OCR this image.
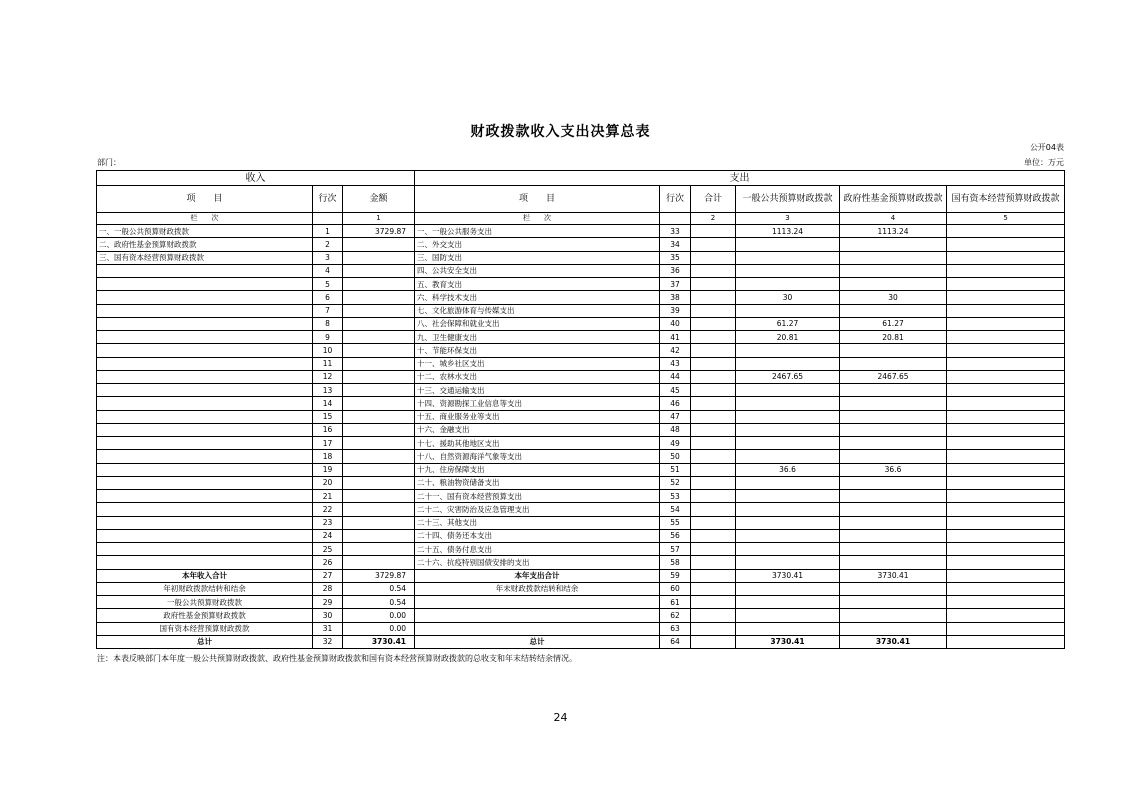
财政拨款收入支出决算总表
公开04表
部门：	单位：万元
收入			支出					
项　　目	行次	金额	项　　目	行次	合计	一般公共预算财政拨款	政府性基金预算财政拨款	国有资本经营预算财政拨款
栏　　次		1	栏　　次		2	3	4	5
一、一般公共预算财政拨款	1	3729.87	一、一般公共服务支出	33		1113.24	1113.24	
二、政府性基金预算财政拨款	2		二、外交支出	34				
三、国有资本经营预算财政拨款	3		三、国防支出	35				
	4		四、公共安全支出	36				
	5		五、教育支出	37				
	6		六、科学技术支出	38		30	30	
	7		七、文化旅游体育与传媒支出	39				
	8		八、社会保障和就业支出	40		61.27	61.27	
	9		九、卫生健康支出	41		20.81	20.81	
	10		十、节能环保支出	42				
	11		十一、城乡社区支出	43				
	12		十二、农林水支出	44		2467.65	2467.65	
	13		十三、交通运输支出	45				
	14		十四、资源勘探工业信息等支出	46				
	15		十五、商业服务业等支出	47				
	16		十六、金融支出	48				
	17		十七、援助其他地区支出	49				
	18		十八、自然资源海洋气象等支出	50				
	19		十九、住房保障支出	51		36.6	36.6	
	20		二十、粮油物资储备支出	52				
	21		二十一、国有资本经营预算支出	53				
	22		二十二、灾害防治及应急管理支出	54				
	23		二十三、其他支出	55				
	24		二十四、债务还本支出	56				
	25		二十五、债务付息支出	57				
	26		二十六、抗疫特别国债安排的支出	58				
本年收入合计	27	3729.87	本年支出合计	59		3730.41	3730.41	
年初财政拨款结转和结余	28	0.54	年末财政拨款结转和结余	60				
一般公共预算财政拨款	29	0.54		61				
政府性基金预算财政拨款	30	0.00		62				
国有资本经营预算财政拨款	31	0.00		63				
总计	32	3730.41	总计	64		3730.41	3730.41	
注：本表反映部门本年度一般公共预算财政拨款、政府性基金预算财政拨款和国有资本经营预算财政拨款的总收支和年末结转结余情况。
24
